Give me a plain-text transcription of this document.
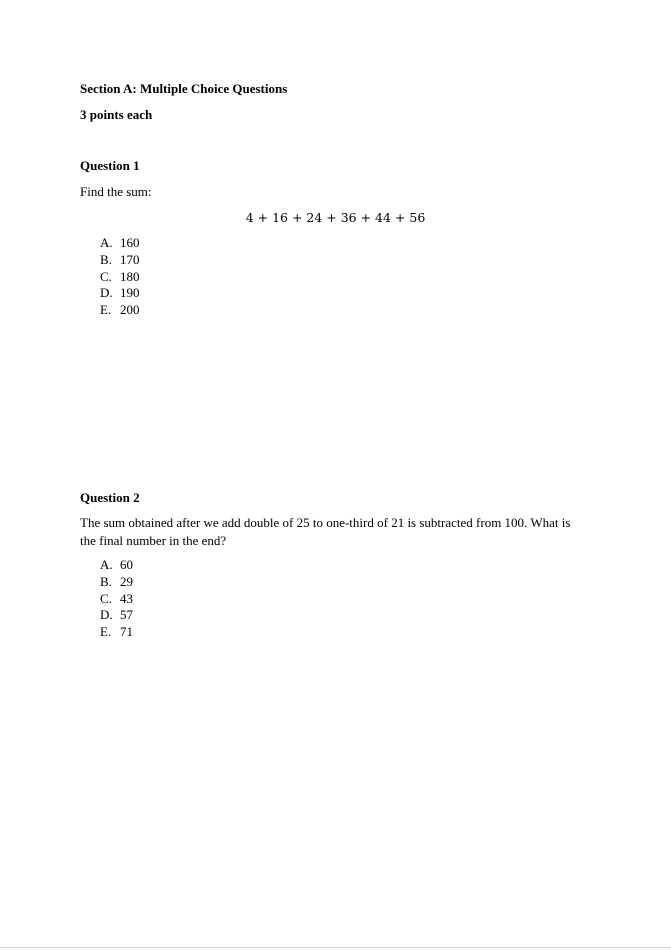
Section A: Multiple Choice Questions
3 points each
Question 1
Find the sum:
4 + 16 + 24 + 36 + 44 + 56
A. 160
B. 170
C. 180
D. 190
E. 200
Question 2
The sum obtained after we add double of 25 to one-third of 21 is subtracted from 100. What is the final number in the end?
A. 60
B. 29
C. 43
D. 57
E. 71
